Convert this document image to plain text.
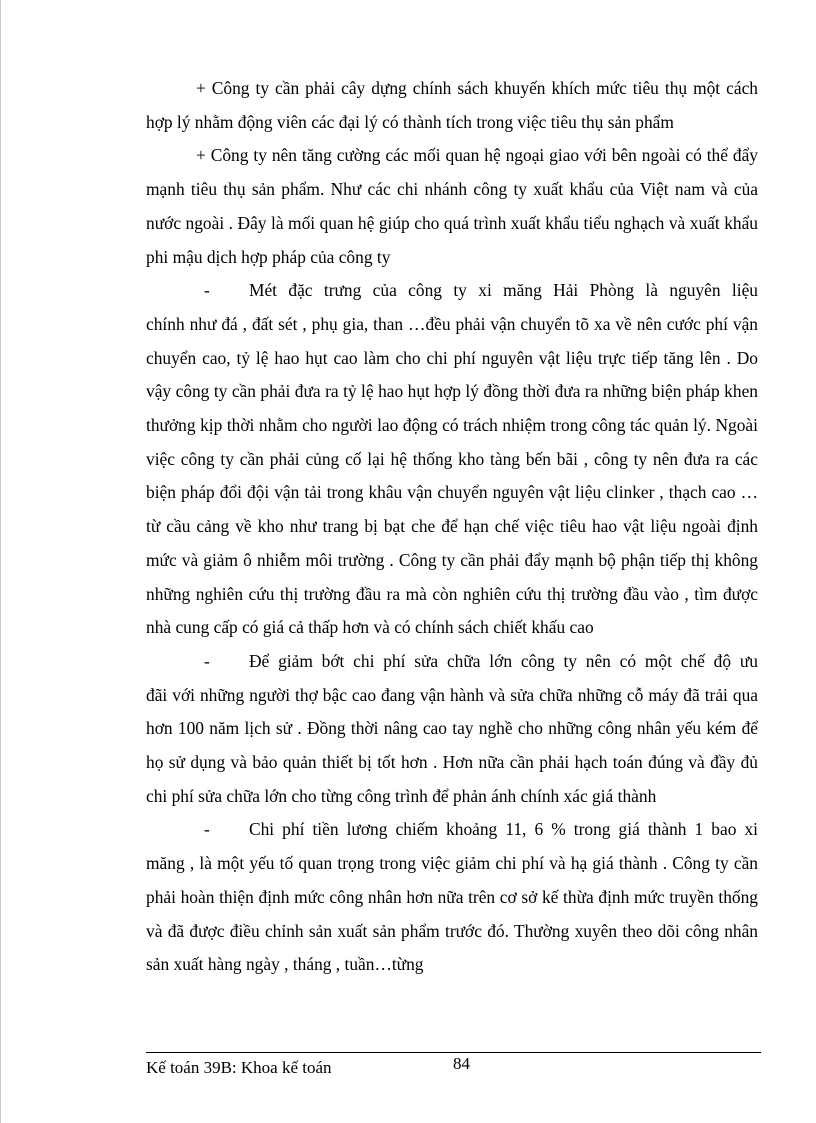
+ Công ty cần phải cây dựng chính sách khuyến khích mức tiêu thụ một cách hợp lý nhằm động viên các đại lý có thành tích trong việc tiêu thụ sản phẩm

+ Công ty nên tăng cường các mối quan hệ ngoại giao với bên ngoài có thể đẩy mạnh tiêu thụ sản phẩm. Như các chi nhánh công ty xuất khẩu của Việt nam và của nước ngoài . Đây là mối quan hệ giúp cho quá trình xuất khẩu tiểu nghạch và xuất khẩu phi mậu dịch hợp pháp của công ty

-	Mét đặc trưng của công ty xi măng Hải Phòng là nguyên liệu
chính như đá , đất sét , phụ gia, than …đều phải vận chuyển tõ xa về nên cước phí vận chuyển cao, tỷ lệ hao hụt cao làm cho chi phí nguyên vật liệu trực tiếp tăng lên . Do vậy công ty cần phải đưa ra tỷ lệ hao hụt hợp lý đồng thời đưa ra những biện pháp khen thưởng kịp thời nhằm cho người lao động có trách nhiệm trong công tác quản lý. Ngoài việc công ty cần phải củng cố lại hệ thống kho tàng bến bãi , công ty nên đưa ra các biện pháp đổi đội vận tải trong khâu vận chuyển nguyên vật liệu clinker , thạch cao …từ cầu cảng về kho như trang bị bạt che để hạn chế việc tiêu hao vật liệu ngoài định mức và giảm ô nhiễm môi trường . Công ty cần phải đẩy mạnh bộ phận tiếp thị không những nghiên cứu thị trường đầu ra mà còn nghiên cứu thị trường đầu vào , tìm được nhà cung cấp có giá cả thấp hơn và có chính sách chiết khấu cao
-	Để giảm bớt chi phí sửa chữa lớn công ty nên có một chế độ ưu
đãi với những người thợ bậc cao đang vận hành và sửa chữa những cỗ máy đã trải qua hơn 100 năm lịch sử . Đồng thời nâng cao tay nghề cho những công nhân yếu kém để họ sử dụng và bảo quản thiết bị tốt hơn . Hơn nữa cần phải hạch toán đúng và đầy đủ chi phí sửa chữa lớn cho từng công trình để phản ánh chính xác giá thành
-	Chi phí tiền lương chiếm khoảng 11, 6 % trong giá thành 1 bao xi
măng , là một yếu tố quan trọng trong việc giảm chi phí và hạ giá thành . Công ty cần phải hoàn thiện định mức công nhân hơn nữa trên cơ sở kế thừa định mức truyền thống và đã được điều chỉnh sản xuất sản phẩm trước đó. Thường xuyên theo dõi công nhân sản xuất hàng ngày , tháng , tuần…từng
Kế toán 39B: Khoa kế toán	84
